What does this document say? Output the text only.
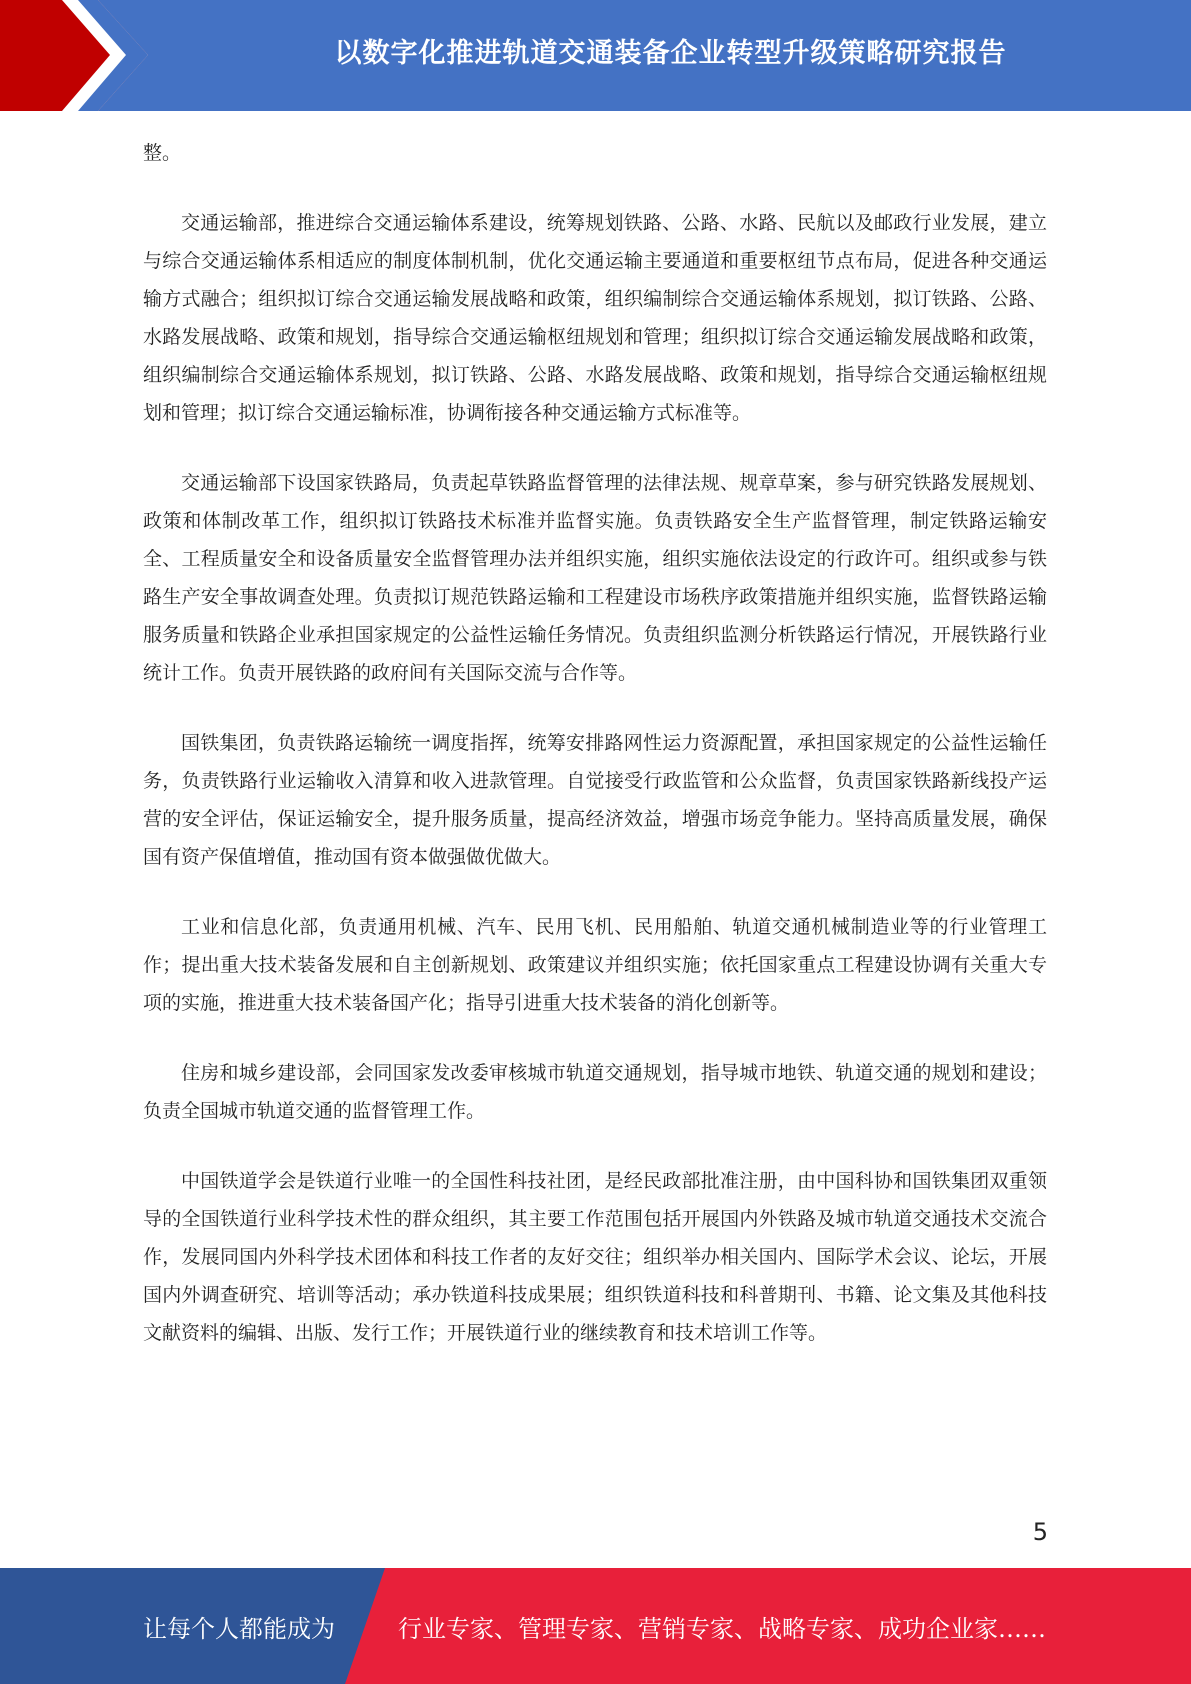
以数字化推进轨道交通装备企业转型升级策略研究报告

整。

交通运输部，推进综合交通运输体系建设，统筹规划铁路、公路、水路、民航以及邮政行业发展，建立与综合交通运输体系相适应的制度体制机制，优化交通运输主要通道和重要枢纽节点布局，促进各种交通运输方式融合；组织拟订综合交通运输发展战略和政策，组织编制综合交通运输体系规划，拟订铁路、公路、水路发展战略、政策和规划，指导综合交通运输枢纽规划和管理；组织拟订综合交通运输发展战略和政策，组织编制综合交通运输体系规划，拟订铁路、公路、水路发展战略、政策和规划，指导综合交通运输枢纽规划和管理；拟订综合交通运输标准，协调衔接各种交通运输方式标准等。

交通运输部下设国家铁路局，负责起草铁路监督管理的法律法规、规章草案，参与研究铁路发展规划、政策和体制改革工作，组织拟订铁路技术标准并监督实施。负责铁路安全生产监督管理，制定铁路运输安全、工程质量安全和设备质量安全监督管理办法并组织实施，组织实施依法设定的行政许可。组织或参与铁路生产安全事故调查处理。负责拟订规范铁路运输和工程建设市场秩序政策措施并组织实施，监督铁路运输服务质量和铁路企业承担国家规定的公益性运输任务情况。负责组织监测分析铁路运行情况，开展铁路行业统计工作。负责开展铁路的政府间有关国际交流与合作等。

国铁集团，负责铁路运输统一调度指挥，统筹安排路网性运力资源配置，承担国家规定的公益性运输任务，负责铁路行业运输收入清算和收入进款管理。自觉接受行政监管和公众监督，负责国家铁路新线投产运营的安全评估，保证运输安全，提升服务质量，提高经济效益，增强市场竞争能力。坚持高质量发展，确保国有资产保值增值，推动国有资本做强做优做大。

工业和信息化部，负责通用机械、汽车、民用飞机、民用船舶、轨道交通机械制造业等的行业管理工作；提出重大技术装备发展和自主创新规划、政策建议并组织实施；依托国家重点工程建设协调有关重大专项的实施，推进重大技术装备国产化；指导引进重大技术装备的消化创新等。

住房和城乡建设部，会同国家发改委审核城市轨道交通规划，指导城市地铁、轨道交通的规划和建设；负责全国城市轨道交通的监督管理工作。

中国铁道学会是铁道行业唯一的全国性科技社团，是经民政部批准注册，由中国科协和国铁集团双重领导的全国铁道行业科学技术性的群众组织，其主要工作范围包括开展国内外铁路及城市轨道交通技术交流合作，发展同国内外科学技术团体和科技工作者的友好交往；组织举办相关国内、国际学术会议、论坛，开展国内外调查研究、培训等活动；承办铁道科技成果展；组织铁道科技和科普期刊、书籍、论文集及其他科技文献资料的编辑、出版、发行工作；开展铁道行业的继续教育和技术培训工作等。

5
让每个人都能成为	行业专家、管理专家、营销专家、战略专家、成功企业家……
